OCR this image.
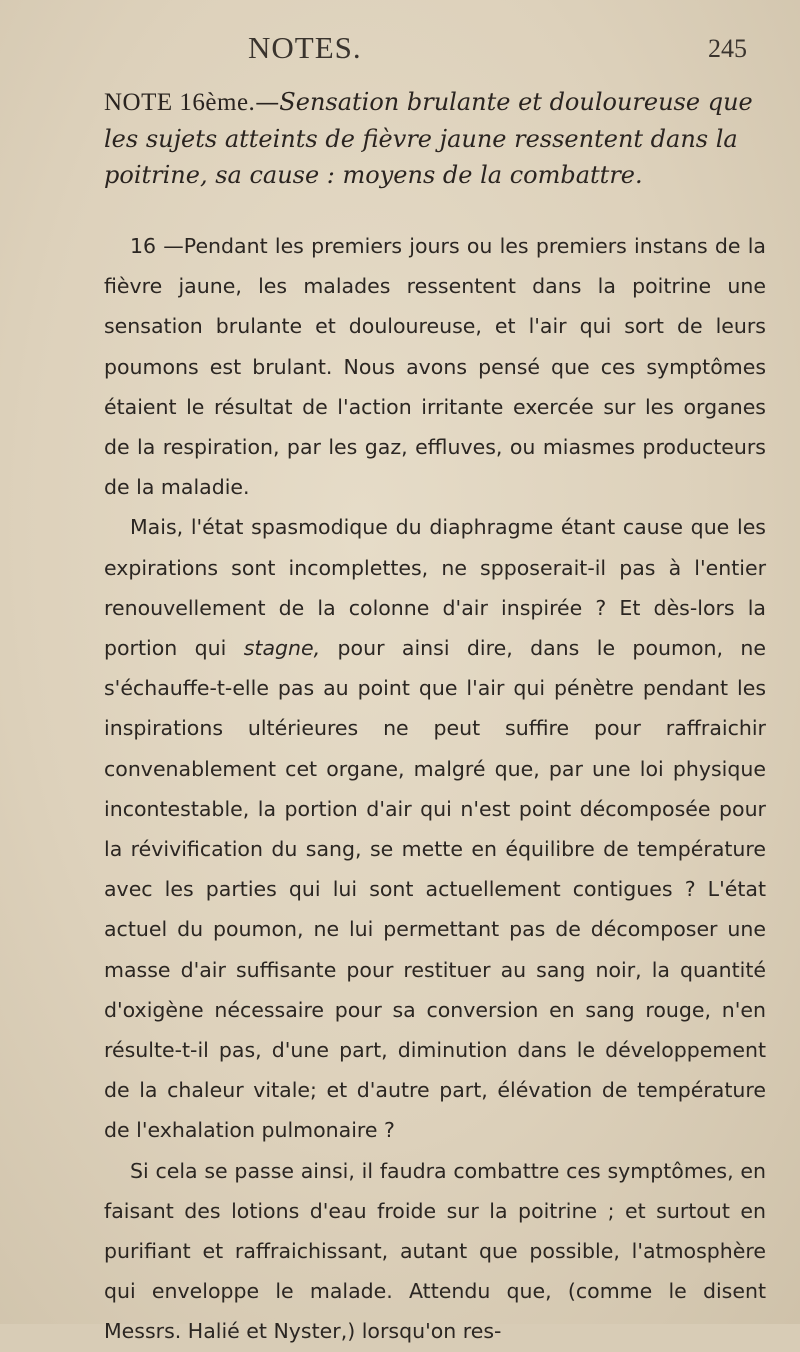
NOTES.	245
NOTE 16ème.—Sensation brulante et douloureuse que les sujets atteints de fièvre jaune ressentent dans la poitrine, sa cause : moyens de la combattre.

16 —Pendant les premiers jours ou les premiers instans de la fièvre jaune, les malades ressentent dans la poitrine une sensation brulante et douloureuse, et l'air qui sort de leurs poumons est brulant. Nous avons pensé que ces symptômes étaient le résultat de l'action irritante exercée sur les organes de la respiration, par les gaz, effluves, ou miasmes producteurs de la maladie.

Mais, l'état spasmodique du diaphragme étant cause que les expirations sont incomplettes, ne spposerait-il pas à l'entier renouvellement de la colonne d'air inspirée ? Et dès-lors la portion qui stagne, pour ainsi dire, dans le poumon, ne s'échauffe-t-elle pas au point que l'air qui pénètre pendant les inspirations ultérieures ne peut suffire pour raffraichir convenablement cet organe, malgré que, par une loi physique incontestable, la portion d'air qui n'est point décomposée pour la révivification du sang, se mette en équilibre de température avec les parties qui lui sont actuellement contigues ? L'état actuel du poumon, ne lui permettant pas de décomposer une masse d'air suffisante pour restituer au sang noir, la quantité d'oxigène nécessaire pour sa conversion en sang rouge, n'en résulte-t-il pas, d'une part, diminution dans le développement de la chaleur vitale; et d'autre part, élévation de température de l'exhalation pulmonaire ?

Si cela se passe ainsi, il faudra combattre ces symptômes, en faisant des lotions d'eau froide sur la poitrine ; et surtout en purifiant et raffraichissant, autant que possible, l'atmosphère qui enveloppe le malade. Attendu que, (comme le disent Messrs. Halié et Nyster,) lorsqu'on res-
